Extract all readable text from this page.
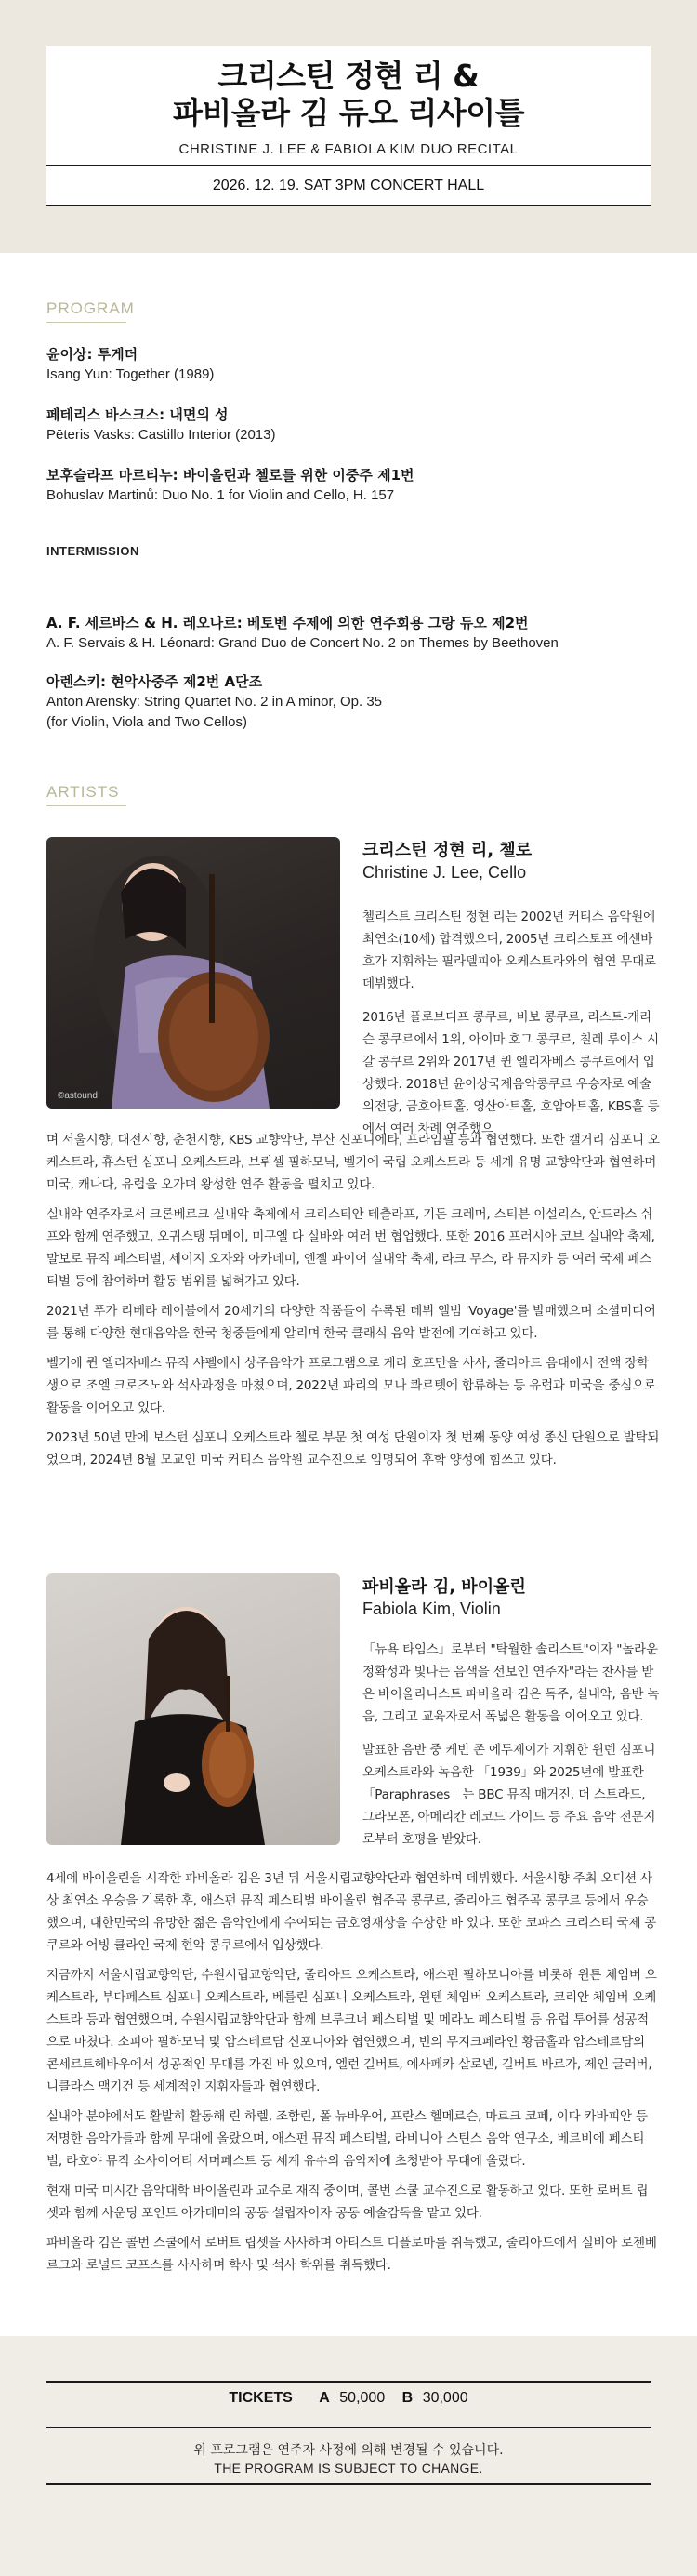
크리스틴 정현 리 &
파비올라 김 듀오 리사이틀
CHRISTINE J. LEE & FABIOLA KIM DUO RECITAL
2026. 12. 19. SAT 3PM CONCERT HALL
PROGRAM
윤이상: 투게더
Isang Yun: Together (1989)
페테리스 바스크스: 내면의 성
Pēteris Vasks: Castillo Interior (2013)
보후슬라프 마르티누: 바이올린과 첼로를 위한 이중주 제1번
Bohuslav Martinů: Duo No. 1 for Violin and Cello, H. 157
INTERMISSION
A. F. 세르바스 & H. 레오나르: 베토벤 주제에 의한 연주회용 그랑 듀오 제2번
A. F. Servais & H. Léonard: Grand Duo de Concert No. 2 on Themes by Beethoven
아렌스키: 현악사중주 제2번 A단조
Anton Arensky: String Quartet No. 2 in A minor, Op. 35
(for Violin, Viola and Two Cellos)
ARTISTS
©astound
크리스틴 정현 리, 첼로
Christine J. Lee, Cello

첼리스트 크리스틴 정현 리는 2002년 커티스 음악원에 최연소(10세) 합격했으며, 2005년 크리스토프 에센바흐가 지휘하는 필라델피아 오케스트라와의 협연 무대로 데뷔했다.

2016년 플로브디프 콩쿠르, 비보 콩쿠르, 리스트-개리슨 콩쿠르에서 1위, 아이마 호그 콩쿠르, 칠레 루이스 시갈 콩쿠르 2위와 2017년 퀸 엘리자베스 콩쿠르에서 입상했다. 2018년 윤이상국제음악콩쿠르 우승자로 예술의전당, 금호아트홀, 영산아트홀, 호암아트홀, KBS홀 등에서 여러 차례 연주했으

며 서울시향, 대전시향, 춘천시향, KBS 교향악단, 부산 신포니에타, 프라임필 등과 협연했다. 또한 캘거리 심포니 오케스트라, 휴스턴 심포니 오케스트라, 브뤼셀 필하모닉, 벨기에 국립 오케스트라 등 세계 유명 교향악단과 협연하며 미국, 캐나다, 유럽을 오가며 왕성한 연주 활동을 펼치고 있다.

실내악 연주자로서 크론베르크 실내악 축제에서 크리스티안 테츨라프, 기돈 크레머, 스티븐 이설리스, 안드라스 쉬프와 함께 연주했고, 오귀스탱 뒤메이, 미구엘 다 실바와 여러 번 협업했다. 또한 2016 프러시아 코브 실내악 축제, 말보로 뮤직 페스티벌, 세이지 오자와 아카데미, 엔젤 파이어 실내악 축제, 라크 무스, 라 뮤지카 등 여러 국제 페스티벌 등에 참여하며 활동 범위를 넓혀가고 있다.

2021년 푸가 리베라 레이블에서 20세기의 다양한 작품들이 수록된 데뷔 앨범 'Voyage'를 발매했으며 소셜미디어를 통해 다양한 현대음악을 한국 청중들에게 알리며 한국 클래식 음악 발전에 기여하고 있다.

벨기에 퀸 엘리자베스 뮤직 샤펠에서 상주음악가 프로그램으로 게리 호프만을 사사, 줄리아드 음대에서 전액 장학생으로 조엘 크로즈노와 석사과정을 마쳤으며, 2022년 파리의 모나 콰르텟에 합류하는 등 유럽과 미국을 중심으로 활동을 이어오고 있다.

2023년 50년 만에 보스턴 심포니 오케스트라 첼로 부문 첫 여성 단원이자 첫 번째 동양 여성 종신 단원으로 발탁되었으며, 2024년 8월 모교인 미국 커티스 음악원 교수진으로 임명되어 후학 양성에 힘쓰고 있다.

파비올라 김, 바이올린
Fabiola Kim, Violin

「뉴욕 타임스」로부터 "탁월한 솔리스트"이자 "놀라운 정확성과 빛나는 음색을 선보인 연주자"라는 찬사를 받은 바이올리니스트 파비올라 김은 독주, 실내악, 음반 녹음, 그리고 교육자로서 폭넓은 활동을 이어오고 있다.

발표한 음반 중 케빈 존 에두제이가 지휘한 윈덴 심포니 오케스트라와 녹음한 「1939」와 2025년에 발표한 「Paraphrases」는 BBC 뮤직 매거진, 더 스트라드, 그라모폰, 아메리칸 레코드 가이드 등 주요 음악 전문지로부터 호평을 받았다.

4세에 바이올린을 시작한 파비올라 김은 3년 뒤 서울시립교향악단과 협연하며 데뷔했다. 서울시향 주최 오디션 사상 최연소 우승을 기록한 후, 애스펀 뮤직 페스티벌 바이올린 협주곡 콩쿠르, 줄리아드 협주곡 콩쿠르 등에서 우승했으며, 대한민국의 유망한 젊은 음악인에게 수여되는 금호영재상을 수상한 바 있다. 또한 코파스 크리스티 국제 콩쿠르와 어빙 클라인 국제 현악 콩쿠르에서 입상했다.

지금까지 서울시립교향악단, 수원시립교향악단, 줄리아드 오케스트라, 애스펀 필하모니아를 비롯해 윈튼 체임버 오케스트라, 부다페스트 심포니 오케스트라, 베를린 심포니 오케스트라, 윈텐 체임버 오케스트라, 코리안 체임버 오케스트라 등과 협연했으며, 수원시립교향악단과 함께 브루크너 페스티벌 및 메라노 페스티벌 등 유럽 투어를 성공적으로 마쳤다. 소피아 필하모닉 및 암스테르담 신포니아와 협연했으며, 빈의 무지크페라인 황금홀과 암스테르담의 콘세르트헤바우에서 성공적인 무대를 가진 바 있으며, 엘런 길버트, 에사페카 살로넨, 길버트 바르가, 제인 글러버, 니클라스 맥기건 등 세계적인 지휘자들과 협연했다.

실내악 분야에서도 활발히 활동해 린 하렐, 조함린, 폴 뉴바우어, 프란스 헬메르슨, 마르크 코페, 이다 카바피안 등 저명한 음악가들과 함께 무대에 올랐으며, 애스펀 뮤직 페스티벌, 라비니아 스틴스 음악 연구소, 베르비에 페스티벌, 라호야 뮤직 소사이어티 서머페스트 등 세계 유수의 음악제에 초청받아 무대에 올랐다.

현재 미국 미시간 음악대학 바이올린과 교수로 재직 중이며, 콜번 스쿨 교수진으로 활동하고 있다. 또한 로버트 립셋과 함께 사운딩 포인트 아카데미의 공동 설립자이자 공동 예술감독을 맡고 있다.

파비올라 김은 콜번 스쿨에서 로버트 립셋을 사사하며 아티스트 디플로마를 취득했고, 줄리아드에서 실비아 로젠베르크와 로널드 코프스를 사사하며 학사 및 석사 학위를 취득했다.

TICKETS A 50,000 B 30,000
위 프로그램은 연주자 사정에 의해 변경될 수 있습니다.
THE PROGRAM IS SUBJECT TO CHANGE.
